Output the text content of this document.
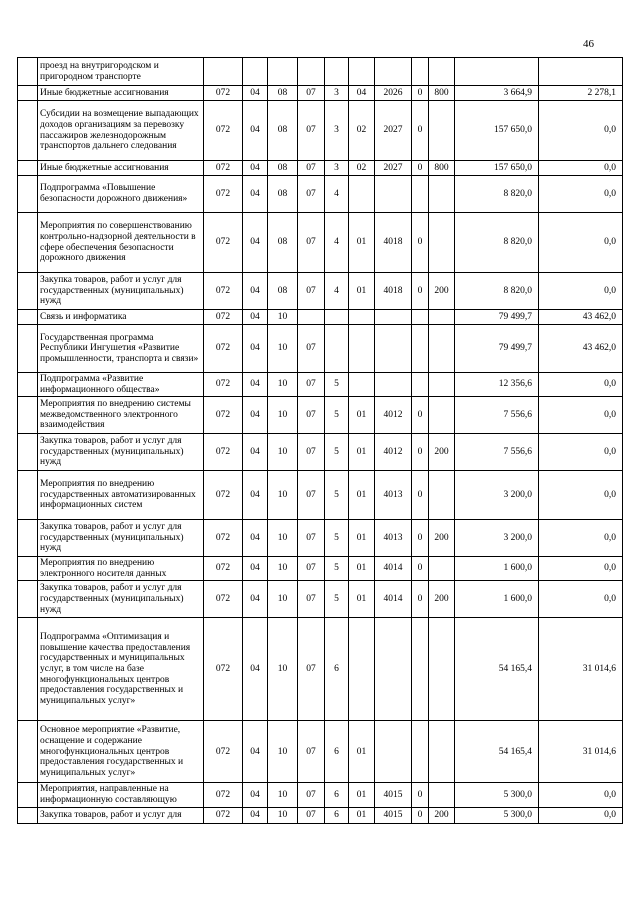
46
	проезд на внутригородском и пригородном транспорте											
	Иные бюджетные ассигнования	072	04	08	07	3	04	2026	0	800	3 664,9	2 278,1
	Субсидии на возмещение выпадающих доходов организациям за перевозку пассажиров железнодорожным транспортов дальнего следования	072	04	08	07	3	02	2027	0		157 650,0	0,0
	Иные бюджетные ассигнования	072	04	08	07	3	02	2027	0	800	157 650,0	0,0
	Подпрограмма «Повышение безопасности дорожного движения»	072	04	08	07	4					8 820,0	0,0
	Мероприятия по совершенствованию контрольно-надзорной деятельности в сфере обеспечения безопасности дорожного движения	072	04	08	07	4	01	4018	0		8 820,0	0,0
	Закупка товаров, работ и услуг для государственных (муниципальных) нужд	072	04	08	07	4	01	4018	0	200	8 820,0	0,0
	Связь и информатика	072	04	10							79 499,7	43 462,0
	Государственная программа Республики Ингушетия «Развитие промышленности, транспорта и связи»	072	04	10	07						79 499,7	43 462,0
	Подпрограмма «Развитие информационного общества»	072	04	10	07	5					12 356,6	0,0
	Мероприятия по внедрению системы межведомственного электронного взаимодействия	072	04	10	07	5	01	4012	0		7 556,6	0,0
	Закупка товаров, работ и услуг для государственных (муниципальных) нужд	072	04	10	07	5	01	4012	0	200	7 556,6	0,0
	Мероприятия по внедрению государственных автоматизированных информационных систем	072	04	10	07	5	01	4013	0		3 200,0	0,0
	Закупка товаров, работ и услуг для государственных (муниципальных) нужд	072	04	10	07	5	01	4013	0	200	3 200,0	0,0
	Мероприятия по внедрению электронного носителя данных	072	04	10	07	5	01	4014	0		1 600,0	0,0
	Закупка товаров, работ и услуг для государственных (муниципальных) нужд	072	04	10	07	5	01	4014	0	200	1 600,0	0,0
	Подпрограмма «Оптимизация и повышение качества предоставления государственных и муниципальных услуг, в том числе на базе многофункциональных центров предоставления государственных и муниципальных услуг»	072	04	10	07	6					54 165,4	31 014,6
	Основное мероприятие «Развитие, оснащение и содержание многофункциональных центров предоставления государственных и муниципальных услуг»	072	04	10	07	6	01				54 165,4	31 014,6
	Мероприятия, направленные на информационную составляющую	072	04	10	07	6	01	4015	0		5 300,0	0,0
	Закупка товаров, работ и услуг для	072	04	10	07	6	01	4015	0	200	5 300,0	0,0
